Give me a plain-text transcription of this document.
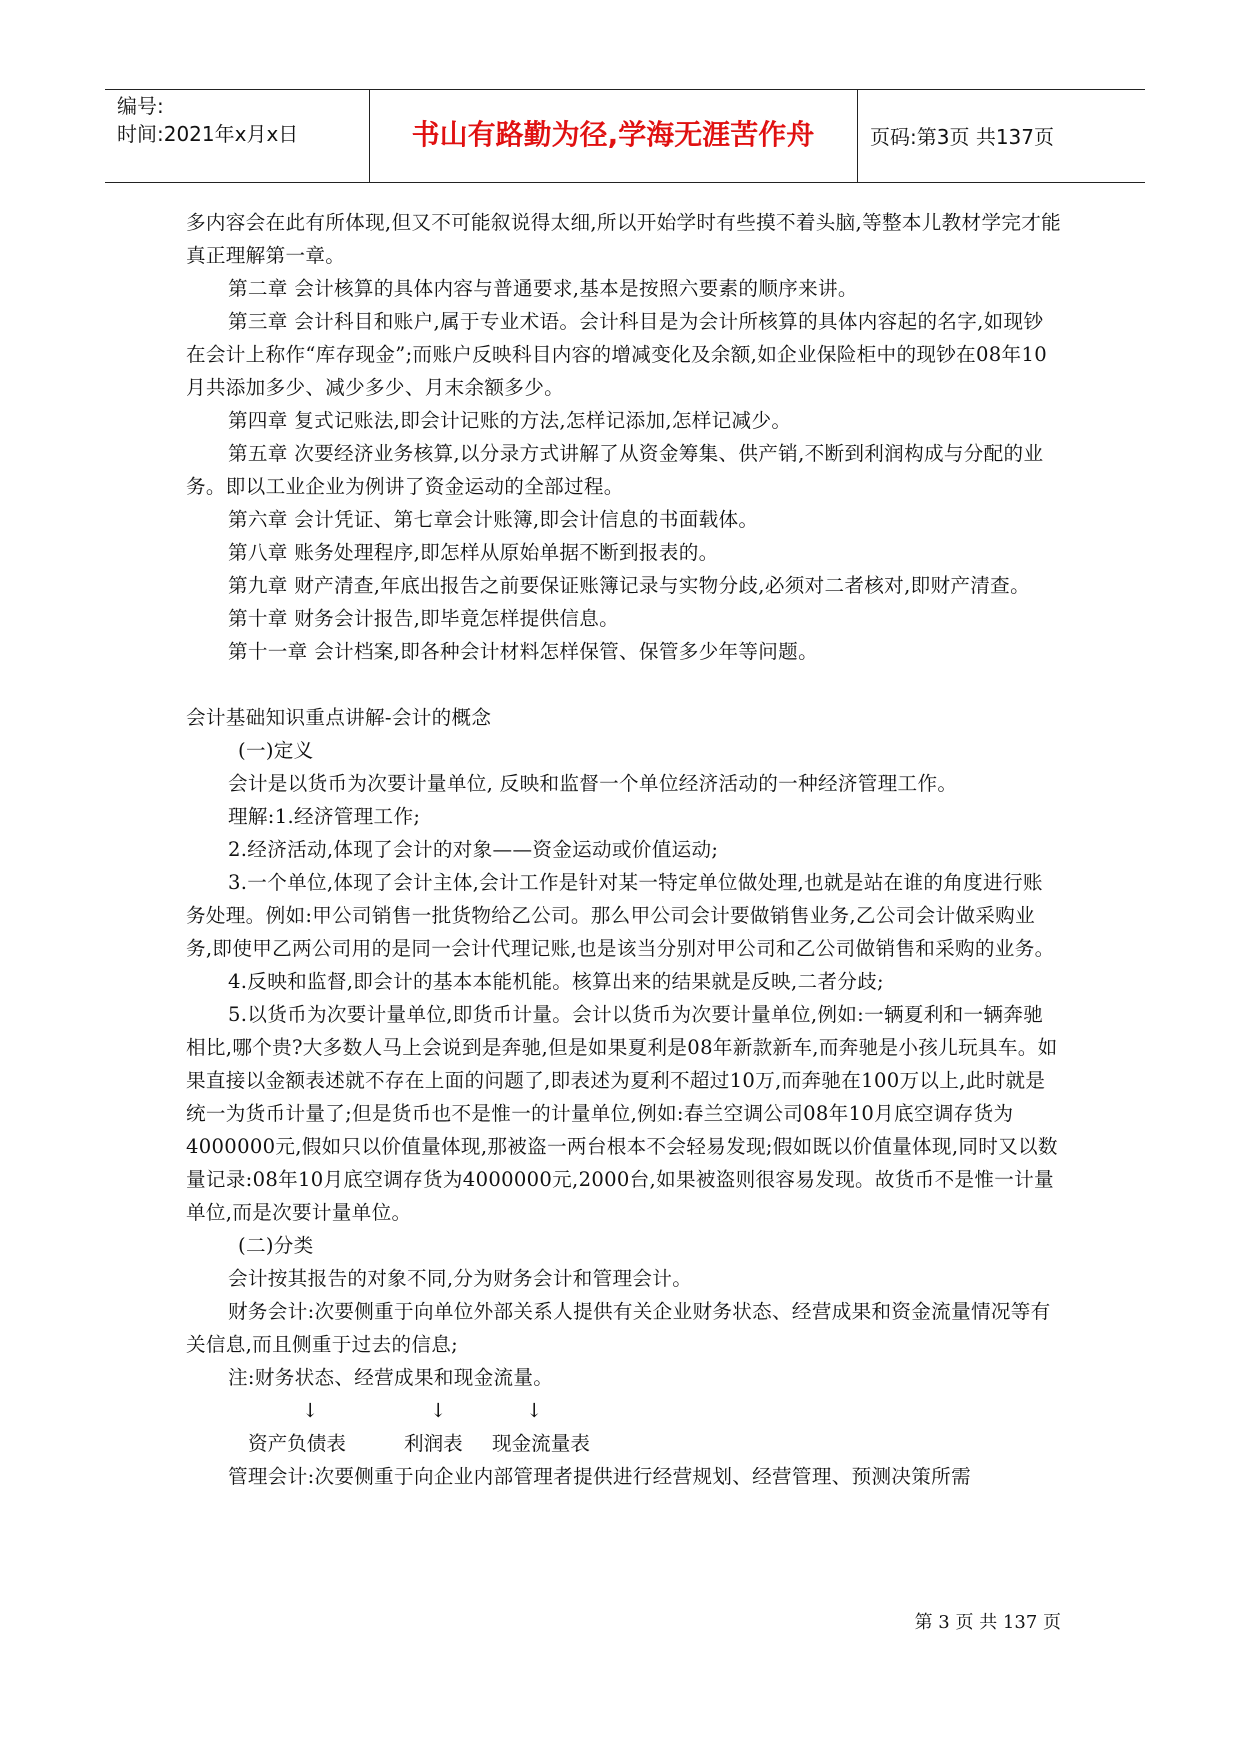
编号:
时间:2021年x月x日	书山有路勤为径,学海无涯苦作舟	页码:第3页 共137页

多内容会在此有所体现,但又不可能叙说得太细,所以开始学时有些摸不着头脑,等整本儿教材学完才能真正理解第一章。

第二章 会计核算的具体内容与普通要求,基本是按照六要素的顺序来讲。

第三章 会计科目和账户,属于专业术语。会计科目是为会计所核算的具体内容起的名字,如现钞在会计上称作“库存现金”;而账户反映科目内容的增减变化及余额,如企业保险柜中的现钞在08年10月共添加多少、减少多少、月末余额多少。

第四章 复式记账法,即会计记账的方法,怎样记添加,怎样记减少。

第五章 次要经济业务核算,以分录方式讲解了从资金筹集、供产销,不断到利润构成与分配的业务。即以工业企业为例讲了资金运动的全部过程。

第六章 会计凭证、第七章会计账簿,即会计信息的书面载体。

第八章 账务处理程序,即怎样从原始单据不断到报表的。

第九章 财产清查,年底出报告之前要保证账簿记录与实物分歧,必须对二者核对,即财产清查。

第十章 财务会计报告,即毕竟怎样提供信息。

第十一章 会计档案,即各种会计材料怎样保管、保管多少年等问题。

会计基础知识重点讲解-会计的概念

(一)定义

会计是以货币为次要计量单位, 反映和监督一个单位经济活动的一种经济管理工作。

理解:1.经济管理工作;

2.经济活动,体现了会计的对象——资金运动或价值运动;

3.一个单位,体现了会计主体,会计工作是针对某一特定单位做处理,也就是站在谁的角度进行账务处理。例如:甲公司销售一批货物给乙公司。那么甲公司会计要做销售业务,乙公司会计做采购业务,即使甲乙两公司用的是同一会计代理记账,也是该当分别对甲公司和乙公司做销售和采购的业务。

4.反映和监督,即会计的基本本能机能。核算出来的结果就是反映,二者分歧;

5.以货币为次要计量单位,即货币计量。会计以货币为次要计量单位,例如:一辆夏利和一辆奔驰相比,哪个贵?大多数人马上会说到是奔驰,但是如果夏利是08年新款新车,而奔驰是小孩儿玩具车。如果直接以金额表述就不存在上面的问题了,即表述为夏利不超过10万,而奔驰在100万以上,此时就是统一为货币计量了;但是货币也不是惟一的计量单位,例如:春兰空调公司08年10月底空调存货为4000000元,假如只以价值量体现,那被盗一两台根本不会轻易发现;假如既以价值量体现,同时又以数量记录:08年10月底空调存货为4000000元,2000台,如果被盗则很容易发现。故货币不是惟一计量单位,而是次要计量单位。

(二)分类

会计按其报告的对象不同,分为财务会计和管理会计。

财务会计:次要侧重于向单位外部关系人提供有关企业财务状态、经营成果和资金流量情况等有关信息,而且侧重于过去的信息;

注:财务状态、经营成果和现金流量。

↓	↓	↓
资产负债表	利润表 现金流量表

管理会计:次要侧重于向企业内部管理者提供进行经营规划、经营管理、预测决策所需

第 3 页 共 137 页
